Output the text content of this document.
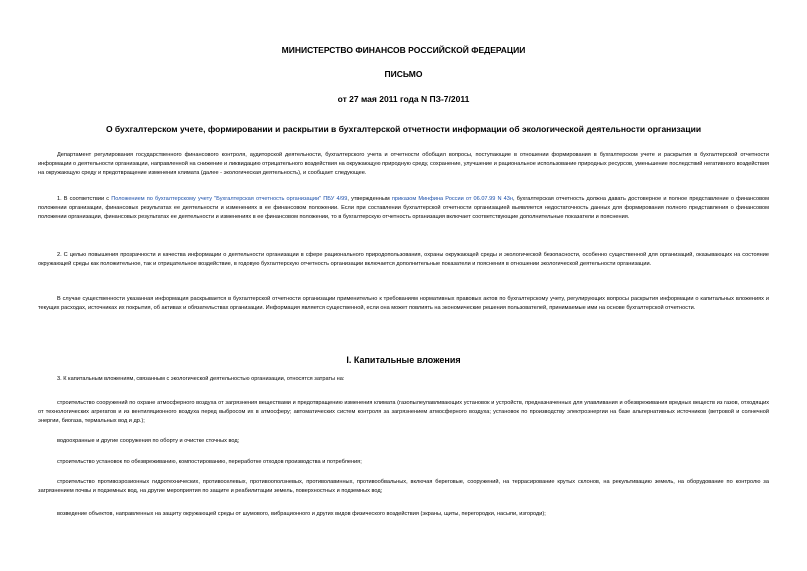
МИНИСТЕРСТВО ФИНАНСОВ РОССИЙСКОЙ ФЕДЕРАЦИИ
ПИСЬМО
от 27 мая 2011 года N ПЗ-7/2011
О бухгалтерском учете, формировании и раскрытии в бухгалтерской отчетности информации об экологической деятельности организации
Департамент регулирования государственного финансового контроля, аудиторской деятельности, бухгалтерского учета и отчетности обобщил вопросы, поступающие в отношении формирования в бухгалтерском учете и раскрытия в бухгалтерской отчетности информации о деятельности организации, направленной на снижение и ликвидацию отрицательного воздействия на окружающую природную среду, сохранение, улучшение и рациональное использование природных ресурсов, уменьшение последствий негативного воздействия на окружающую среду и предотвращение изменения климата (далее - экологическая деятельность), и сообщает следующее.
1. В соответствии с Положением по бухгалтерскому учету "Бухгалтерская отчетность организации" ПБУ 4/99, утвержденным приказом Минфина России от 06.07.99 N 43н, бухгалтерская отчетность должна давать достоверное и полное представление о финансовом положении организации, финансовых результатах ее деятельности и изменениях в ее финансовом положении. Если при составлении бухгалтерской отчетности организацией выявляется недостаточность данных для формирования полного представления о финансовом положении организации, финансовых результатах ее деятельности и изменениях в ее финансовом положении, то в бухгалтерскую отчетность организация включает соответствующие дополнительные показатели и пояснения.
2. С целью повышения прозрачности и качества информации о деятельности организации в сфере рационального природопользования, охраны окружающей среды и экологической безопасности, особенно существенной для организаций, оказывающих на состояние окружающей среды как положительное, так и отрицательное воздействие, в годовую бухгалтерскую отчетность организации включается дополнительные показатели и пояснения в отношении экологической деятельности организации.
В случае существенности указанная информация раскрывается в бухгалтерской отчетности организации применительно к требованиям нормативных правовых актов по бухгалтерскому учету, регулирующих вопросы раскрытия информации о капитальных вложениях и текущих расходах, источниках их покрытия, об активах и обязательствах организации. Информация является существенной, если она может повлиять на экономические решения пользователей, принимаемые ими на основе бухгалтерской отчетности.
I. Капитальные вложения
3. К капитальным вложениям, связанным с экологической деятельностью организации, относятся затраты на:
строительство сооружений по охране атмосферного воздуха от загрязнения веществами и предотвращению изменения климата (газопылеулавливающих установок и устройств, предназначенных для улавливания и обезвреживания вредных веществ из газов, отходящих от технологических агрегатов и из вентиляционного воздуха перед выбросом их в атмосферу; автоматических систем контроля за загрязнением атмосферного воздуха; установок по производству электроэнергии на базе альтернативных источников (ветровой и солнечной энергии, биогаза, термальных вод и др.);
водоохранные и другие сооружения по оборту и очистке сточных вод;
строительство установок по обезвреживанию, компостированию, переработке отходов производства и потребления;
строительство противоэрозионных гидротехнических, противоселевых, противооползневых, противолавинных, противообвальных, включая береговые, сооружений, на террасирование крутых склонов, на рекультивацию земель, на оборудование по контролю за загрязнением почвы и подземных вод, на другие мероприятия по защите и реабилитации земель, поверхностных и подземных вод;
возведение объектов, направленных на защиту окружающей среды от шумового, вибрационного и других видов физического воздействия (экраны, щиты, перегородки, насыпи, изгороди);
